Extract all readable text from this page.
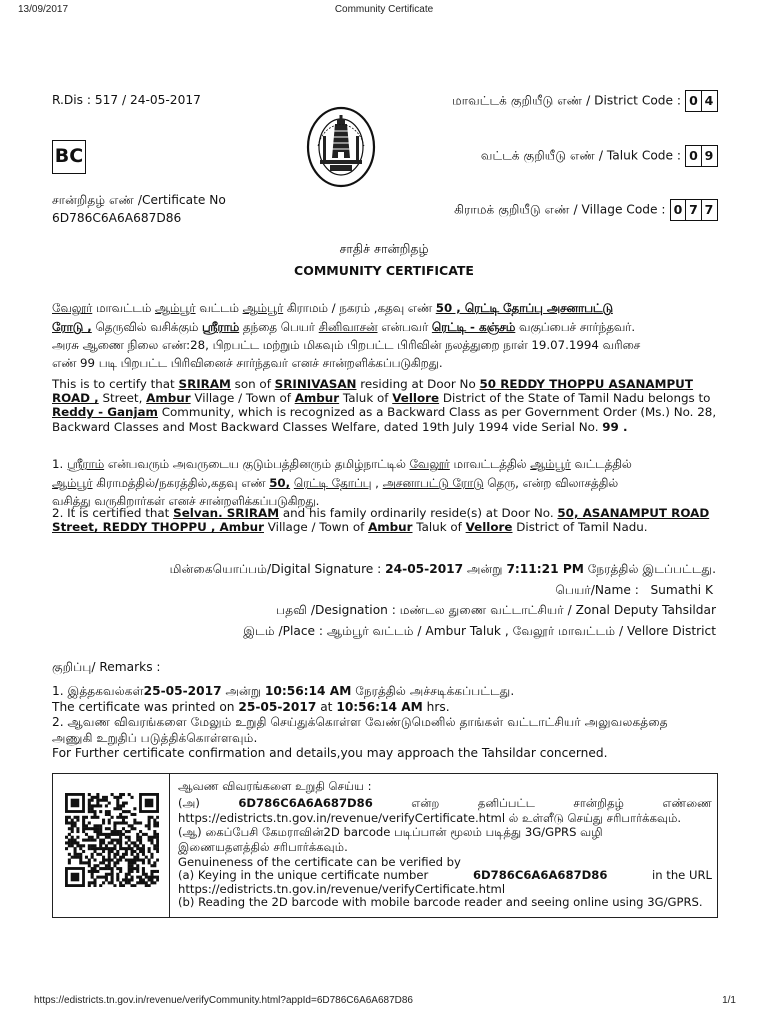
13/09/2017	Community Certificate
R.Dis : 517 / 24-05-2017
BC
சான்றிதழ் எண் /Certificate No
6D786C6A6A687D86
மாவட்டக் குறியீடு எண் / District Code : 0 4
வட்டக் குறியீடு எண் / Taluk Code : 0 9
கிராமக் குறியீடு எண் / Village Code : 0 7 7
சாதிச் சான்றிதழ்
COMMUNITY CERTIFICATE
வேலூர் மாவட்டம் ஆம்பூர் வட்டம் ஆம்பூர் கிராமம் / நகரம் ,கதவு எண் 50 , ரெட்டி தோப்பு அசனாபட்டு
ரோடு , தெருவில் வசிக்கும் ஸ்ரீராம் தந்தை பெயர் சினிவாசன் என்பவர் ரெட்டி - கஞ்சம் வகுப்பைச் சார்ந்தவர்.
அரசு ஆணை நிலை எண்:28, பிறபட்ட மற்றும் மிகவும் பிறபட்ட பிரிவின் நலத்துறை நாள் 19.07.1994 வரிசை
எண் 99 படி பிறபட்ட பிரிவினைச் சார்ந்தவர் எனச் சான்றளிக்கப்படுகிறது.
This is to certify that SRIRAM son of SRINIVASAN residing at Door No 50 REDDY THOPPU ASANAMPUT ROAD , Street, Ambur Village / Town of Ambur Taluk of Vellore District of the State of Tamil Nadu belongs to Reddy - Ganjam Community, which is recognized as a Backward Class as per Government Order (Ms.) No. 28, Backward Classes and Most Backward Classes Welfare, dated 19th July 1994 vide Serial No. 99 .
1. ஸ்ரீராம் என்பவரும் அவருடைய குடும்பத்தினரும் தமிழ்நாட்டில் வேலூர் மாவட்டத்தில் ஆம்பூர் வட்டத்தில்
ஆம்பூர் கிராமத்தில்/நகரத்தில்,கதவு எண் 50, ரெட்டி தோப்பு , அசனாபட்டு ரோடு தெரு, என்ற விலாசத்தில்
வசித்து வருகிறார்கள் எனச் சான்றளிக்கப்படுகிறது.
2. It is certified that Selvan. SRIRAM and his family ordinarily reside(s) at Door No. 50, ASANAMPUT ROAD Street, REDDY THOPPU , Ambur Village / Town of Ambur Taluk of Vellore District of Tamil Nadu.
மின்கையொப்பம்/Digital Signature : 24-05-2017 அன்று 7:11:21 PM நேரத்தில் இடப்பட்டது.
பெயர்/Name : Sumathi K
பதவி /Designation : மண்டல துணை வட்டாட்சியர் / Zonal Deputy Tahsildar
இடம் /Place : ஆம்பூர் வட்டம் / Ambur Taluk , வேலூர் மாவட்டம் / Vellore District
குறிப்பு/ Remarks :
1. இத்தகவல்கள்25-05-2017 அன்று 10:56:14 AM நேரத்தில் அச்சடிக்கப்பட்டது.
The certificate was printed on 25-05-2017 at 10:56:14 AM hrs.
2. ஆவண விவரங்களை மேலும் உறுதி செய்துக்கொள்ள வேண்டுமெனில் தாங்கள் வட்டாட்சியர் அலுவலகத்தை
அணுகி உறுதிப் படுத்திக்கொள்ளவும்.
For Further certificate confirmation and details,you may approach the Tahsildar concerned.
ஆவண விவரங்களை உறுதி செய்ய :
(அ)	6D786C6A6A687D86	என்ற	தனிப்பட்ட	சான்றிதழ்	எண்ணை
https://edistricts.tn.gov.in/revenue/verifyCertificate.html ல் உள்ளீடு செய்து சரிபார்க்கவும்.
(ஆ) கைப்பேசி கேமராவின்2D barcode படிப்பான் மூலம் படித்து 3G/GPRS வழி
இணையதளத்தில் சரிபார்க்கவும்.
Genuineness of the certificate can be verified by
(a) Keying in the unique certificate number	6D786C6A6A687D86	in the URL
https://edistricts.tn.gov.in/revenue/verifyCertificate.html
(b) Reading the 2D barcode with mobile barcode reader and seeing online using 3G/GPRS.
https://edistricts.tn.gov.in/revenue/verifyCommunity.html?appId=6D786C6A6A687D86	1/1
